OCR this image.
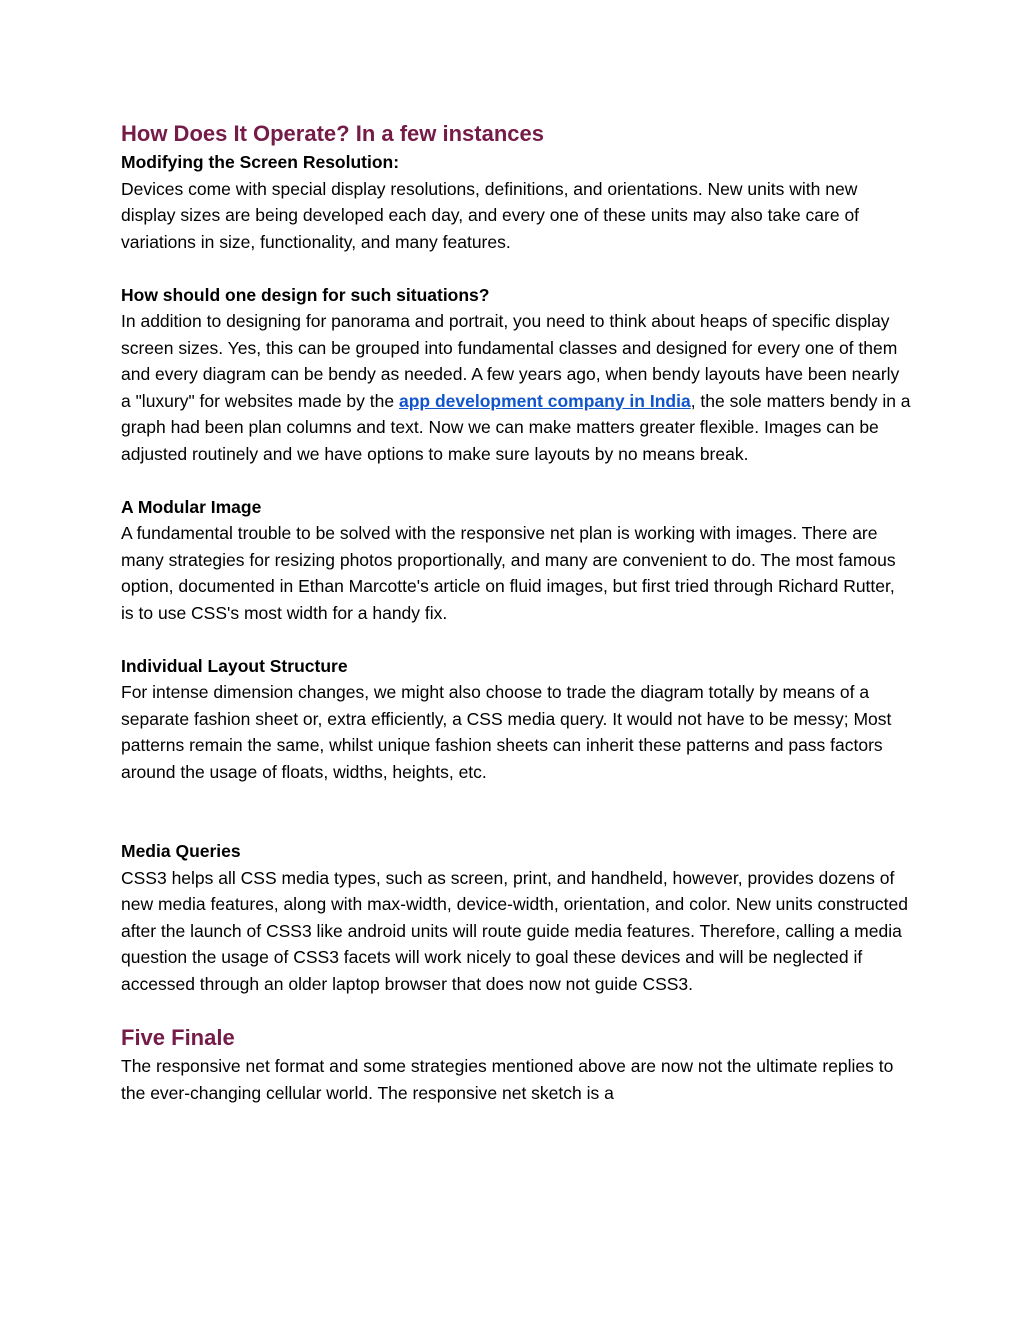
How Does It Operate? In a few instances
Modifying the Screen Resolution:

Devices come with special display resolutions, definitions, and orientations. New units with new display sizes are being developed each day, and every one of these units may also take care of variations in size, functionality, and many features.

How should one design for such situations?

In addition to designing for panorama and portrait, you need to think about heaps of specific display screen sizes. Yes, this can be grouped into fundamental classes and designed for every one of them and every diagram can be bendy as needed. A few years ago, when bendy layouts have been nearly a "luxury" for websites made by the app development company in India, the sole matters bendy in a graph had been plan columns and text. Now we can make matters greater flexible. Images can be adjusted routinely and we have options to make sure layouts by no means break.

A Modular Image

A fundamental trouble to be solved with the responsive net plan is working with images. There are many strategies for resizing photos proportionally, and many are convenient to do. The most famous option, documented in Ethan Marcotte's article on fluid images, but first tried through Richard Rutter, is to use CSS's most width for a handy fix.

Individual Layout Structure

For intense dimension changes, we might also choose to trade the diagram totally by means of a separate fashion sheet or, extra efficiently, a CSS media query. It would not have to be messy; Most patterns remain the same, whilst unique fashion sheets can inherit these patterns and pass factors around the usage of floats, widths, heights, etc.

Media Queries

CSS3 helps all CSS media types, such as screen, print, and handheld, however, provides dozens of new media features, along with max-width, device-width, orientation, and color. New units constructed after the launch of CSS3 like android units will route guide media features. Therefore, calling a media question the usage of CSS3 facets will work nicely to goal these devices and will be neglected if accessed through an older laptop browser that does now not guide CSS3.

Five Finale

The responsive net format and some strategies mentioned above are now not the ultimate replies to the ever-changing cellular world. The responsive net sketch is a
